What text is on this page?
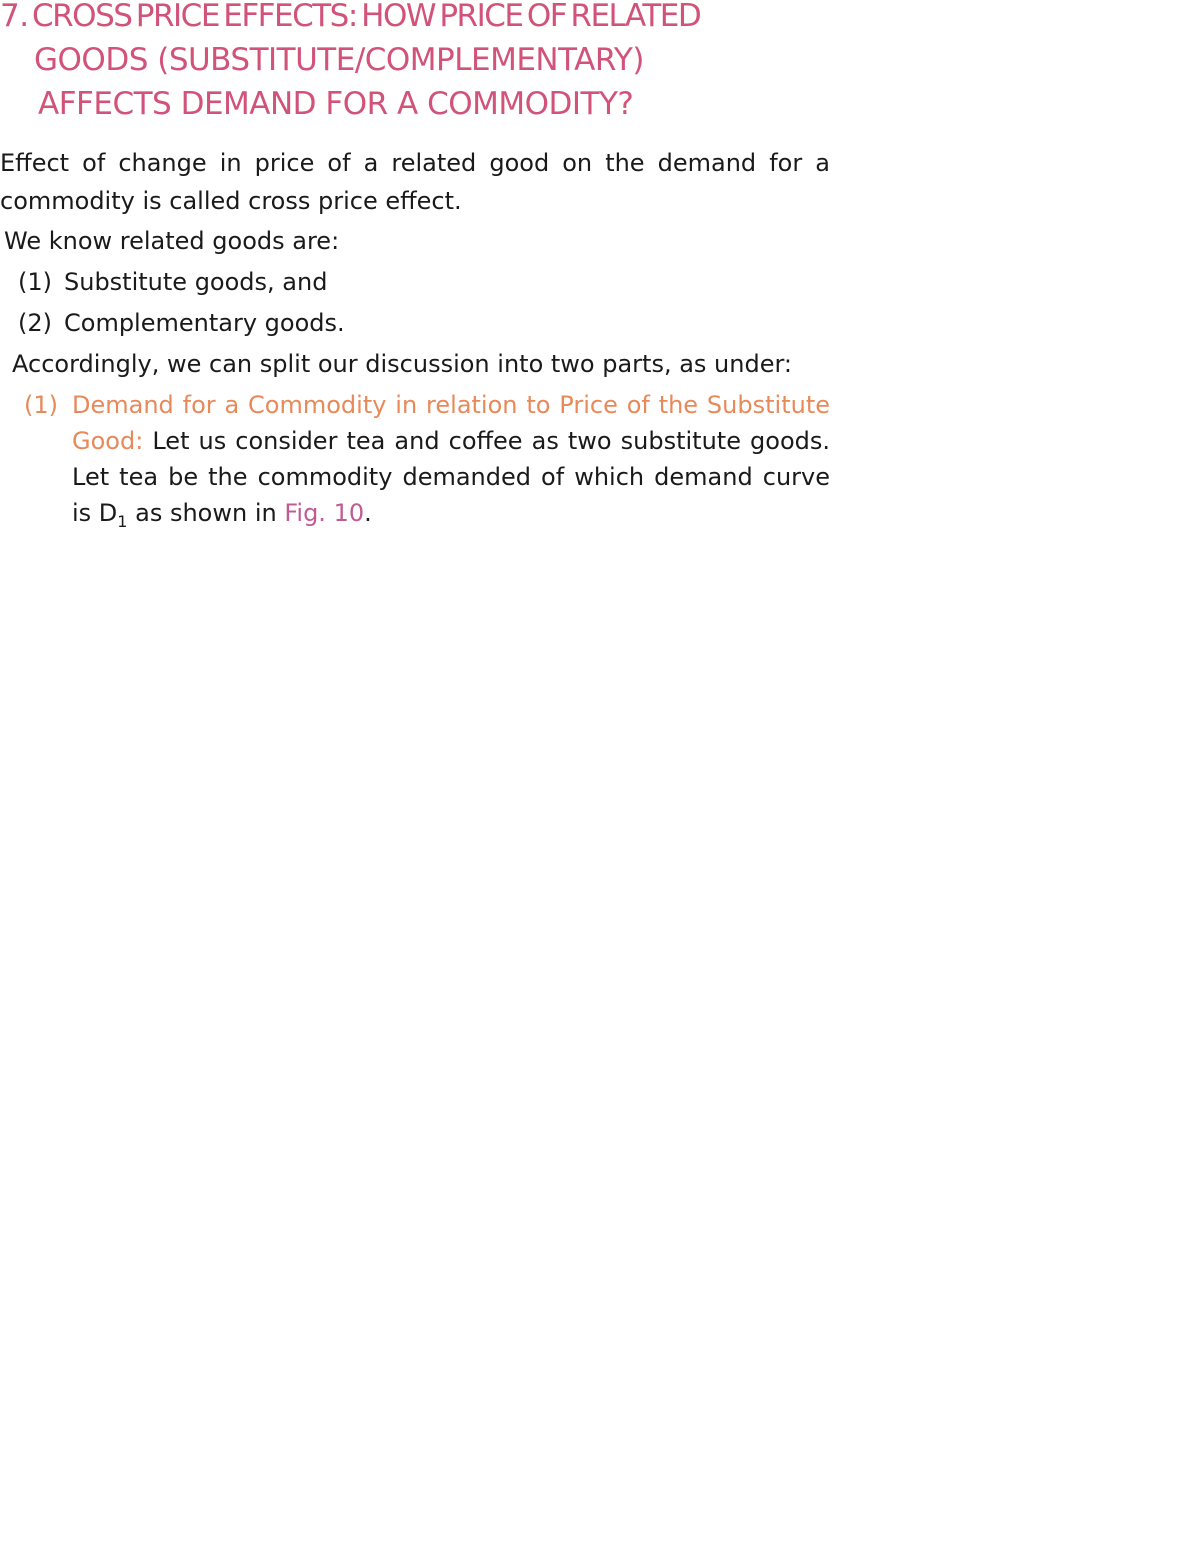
7. CROSS PRICE EFFECTS: HOW PRICE OF RELATED
GOODS (SUBSTITUTE/COMPLEMENTARY)
AFFECTS DEMAND FOR A COMMODITY?

Effect of change in price of a related good on the demand for a
commodity is called cross price effect.

We know related goods are:

(1) Substitute goods, and
(2) Complementary goods.

Accordingly, we can split our discussion into two parts, as under:

(1) Demand for a Commodity in relation to Price of the Substitute Good: Let us consider tea and coffee as two substitute goods. Let tea be the commodity demanded of which demand curve is $D_1$ as shown in Fig. 10.
